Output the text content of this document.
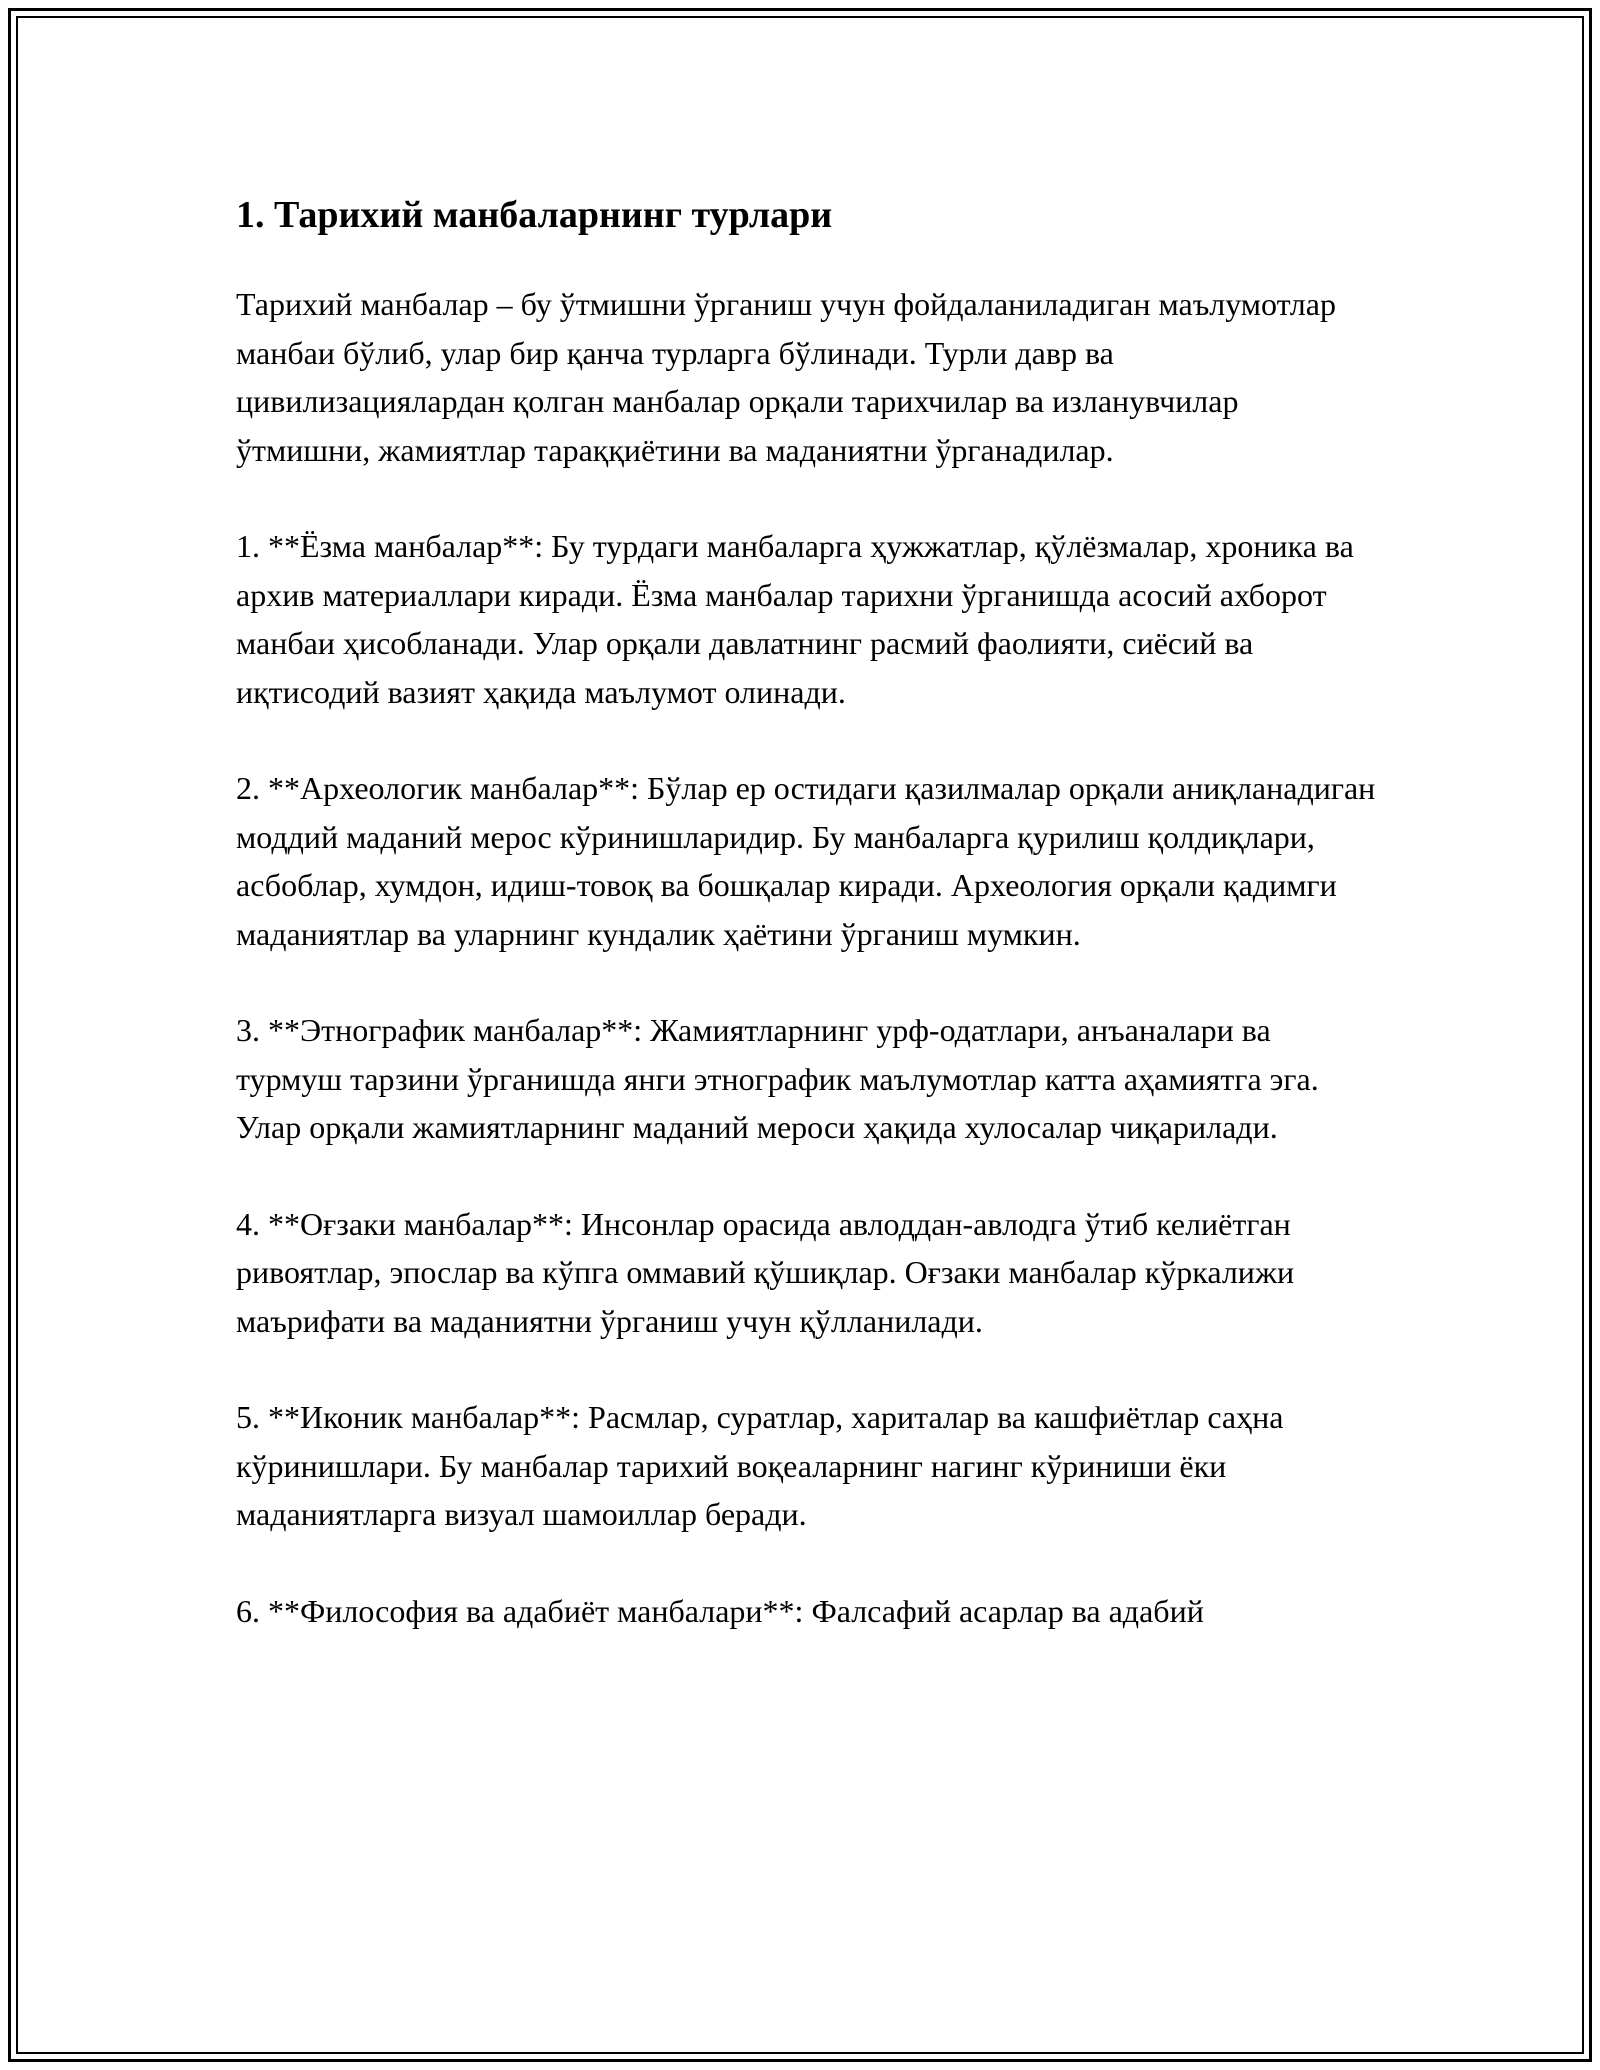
1. Тарихий манбаларнинг турлари

Тарихий манбалар – бу ўтмишни ўрганиш учун фойдаланиладиган маълумотлар манбаи бўлиб, улар бир қанча турларга бўлинади. Турли давр ва цивилизациялардан қолган манбалар орқали тарихчилар ва изланувчилар ўтмишни, жамиятлар тараққиётини ва маданиятни ўрганадилар.

1. **Ёзма манбалар**: Бу турдаги манбаларга ҳужжатлар, қўлёзмалар, хроника ва архив материаллари киради. Ёзма манбалар тарихни ўрганишда асосий ахборот манбаи ҳисобланади. Улар орқали давлатнинг расмий фаолияти, сиёсий ва иқтисодий вазият ҳақида маълумот олинади.

2. **Археологик манбалар**: Бўлар ер остидаги қазилмалар орқали аниқланадиган моддий маданий мерос кўринишларидир. Бу манбаларга қурилиш қолдиқлари, асбоблар, хумдон, идиш-товоқ ва бошқалар киради. Археология орқали қадимги маданиятлар ва уларнинг кундалик ҳаётини ўрганиш мумкин.

3. **Этнографик манбалар**: Жамиятларнинг урф-одатлари, анъаналари ва турмуш тарзини ўрганишда янги этнографик маълумотлар катта аҳамиятга эга. Улар орқали жамиятларнинг маданий мероси ҳақида хулосалар чиқарилади.

4. **Оғзаки манбалар**: Инсонлар орасида авлоддан-авлодга ўтиб келиётган ривоятлар, эпослар ва кўпга оммавий қўшиқлар. Оғзаки манбалар кўркалижи маърифати ва маданиятни ўрганиш учун қўлланилади.

5. **Иконик манбалар**: Расмлар, суратлар, хариталар ва кашфиётлар саҳна кўринишлари. Бу манбалар тарихий воқеаларнинг нагинг кўриниши ёки маданиятларга визуал шамоиллар беради.

6. **Философия ва адабиёт манбалари**: Фалсафий асарлар ва адабий
